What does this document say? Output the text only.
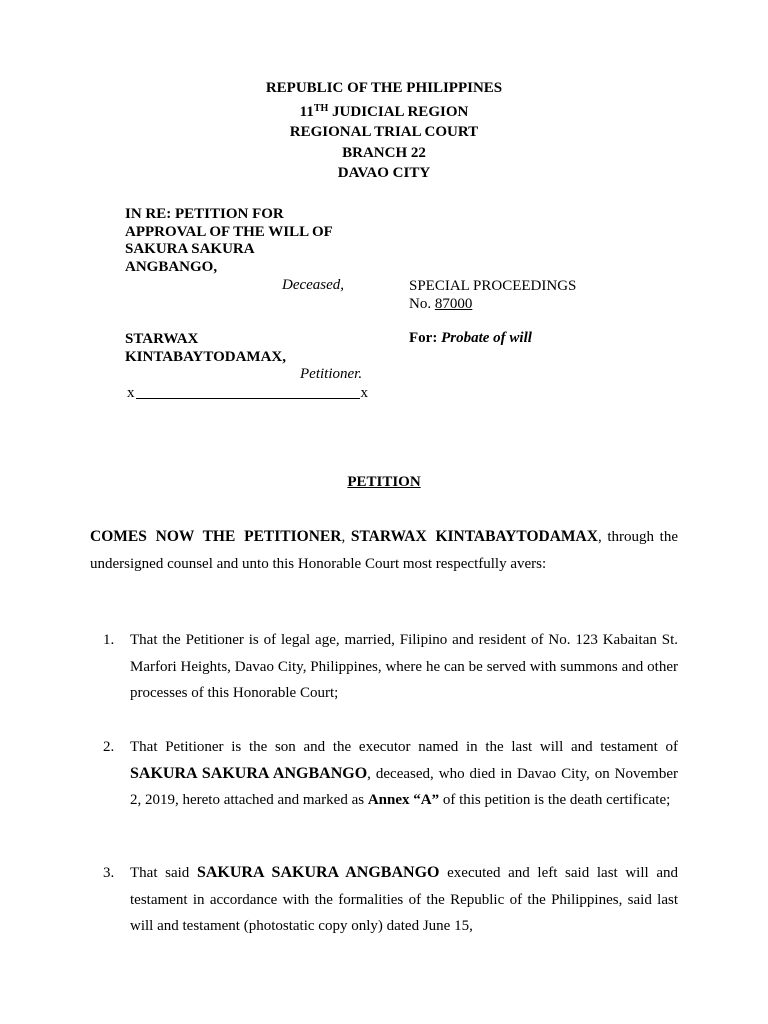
REPUBLIC OF THE PHILIPPINES
11TH JUDICIAL REGION
REGIONAL TRIAL COURT
BRANCH 22
DAVAO CITY
IN RE: PETITION FOR
APPROVAL OF THE WILL OF
SAKURA SAKURA
ANGBANGO,
Deceased,	SPECIAL PROCEEDINGS
No. 87000
STARWAX
KINTABAYTODAMAX,
Petitioner.
For: Probate of will
x	x
PETITION
COMES NOW THE PETITIONER, STARWAX KINTABAYTODAMAX, through the undersigned counsel and unto this Honorable Court most respectfully avers:
1. That the Petitioner is of legal age, married, Filipino and resident of No. 123 Kabaitan St. Marfori Heights, Davao City, Philippines, where he can be served with summons and other processes of this Honorable Court;
2. That Petitioner is the son and the executor named in the last will and testament of SAKURA SAKURA ANGBANGO, deceased, who died in Davao City, on November 2, 2019, hereto attached and marked as Annex “A” of this petition is the death certificate;
3. That said SAKURA SAKURA ANGBANGO executed and left said last will and testament in accordance with the formalities of the Republic of the Philippines, said last will and testament (photostatic copy only) dated June 15,
